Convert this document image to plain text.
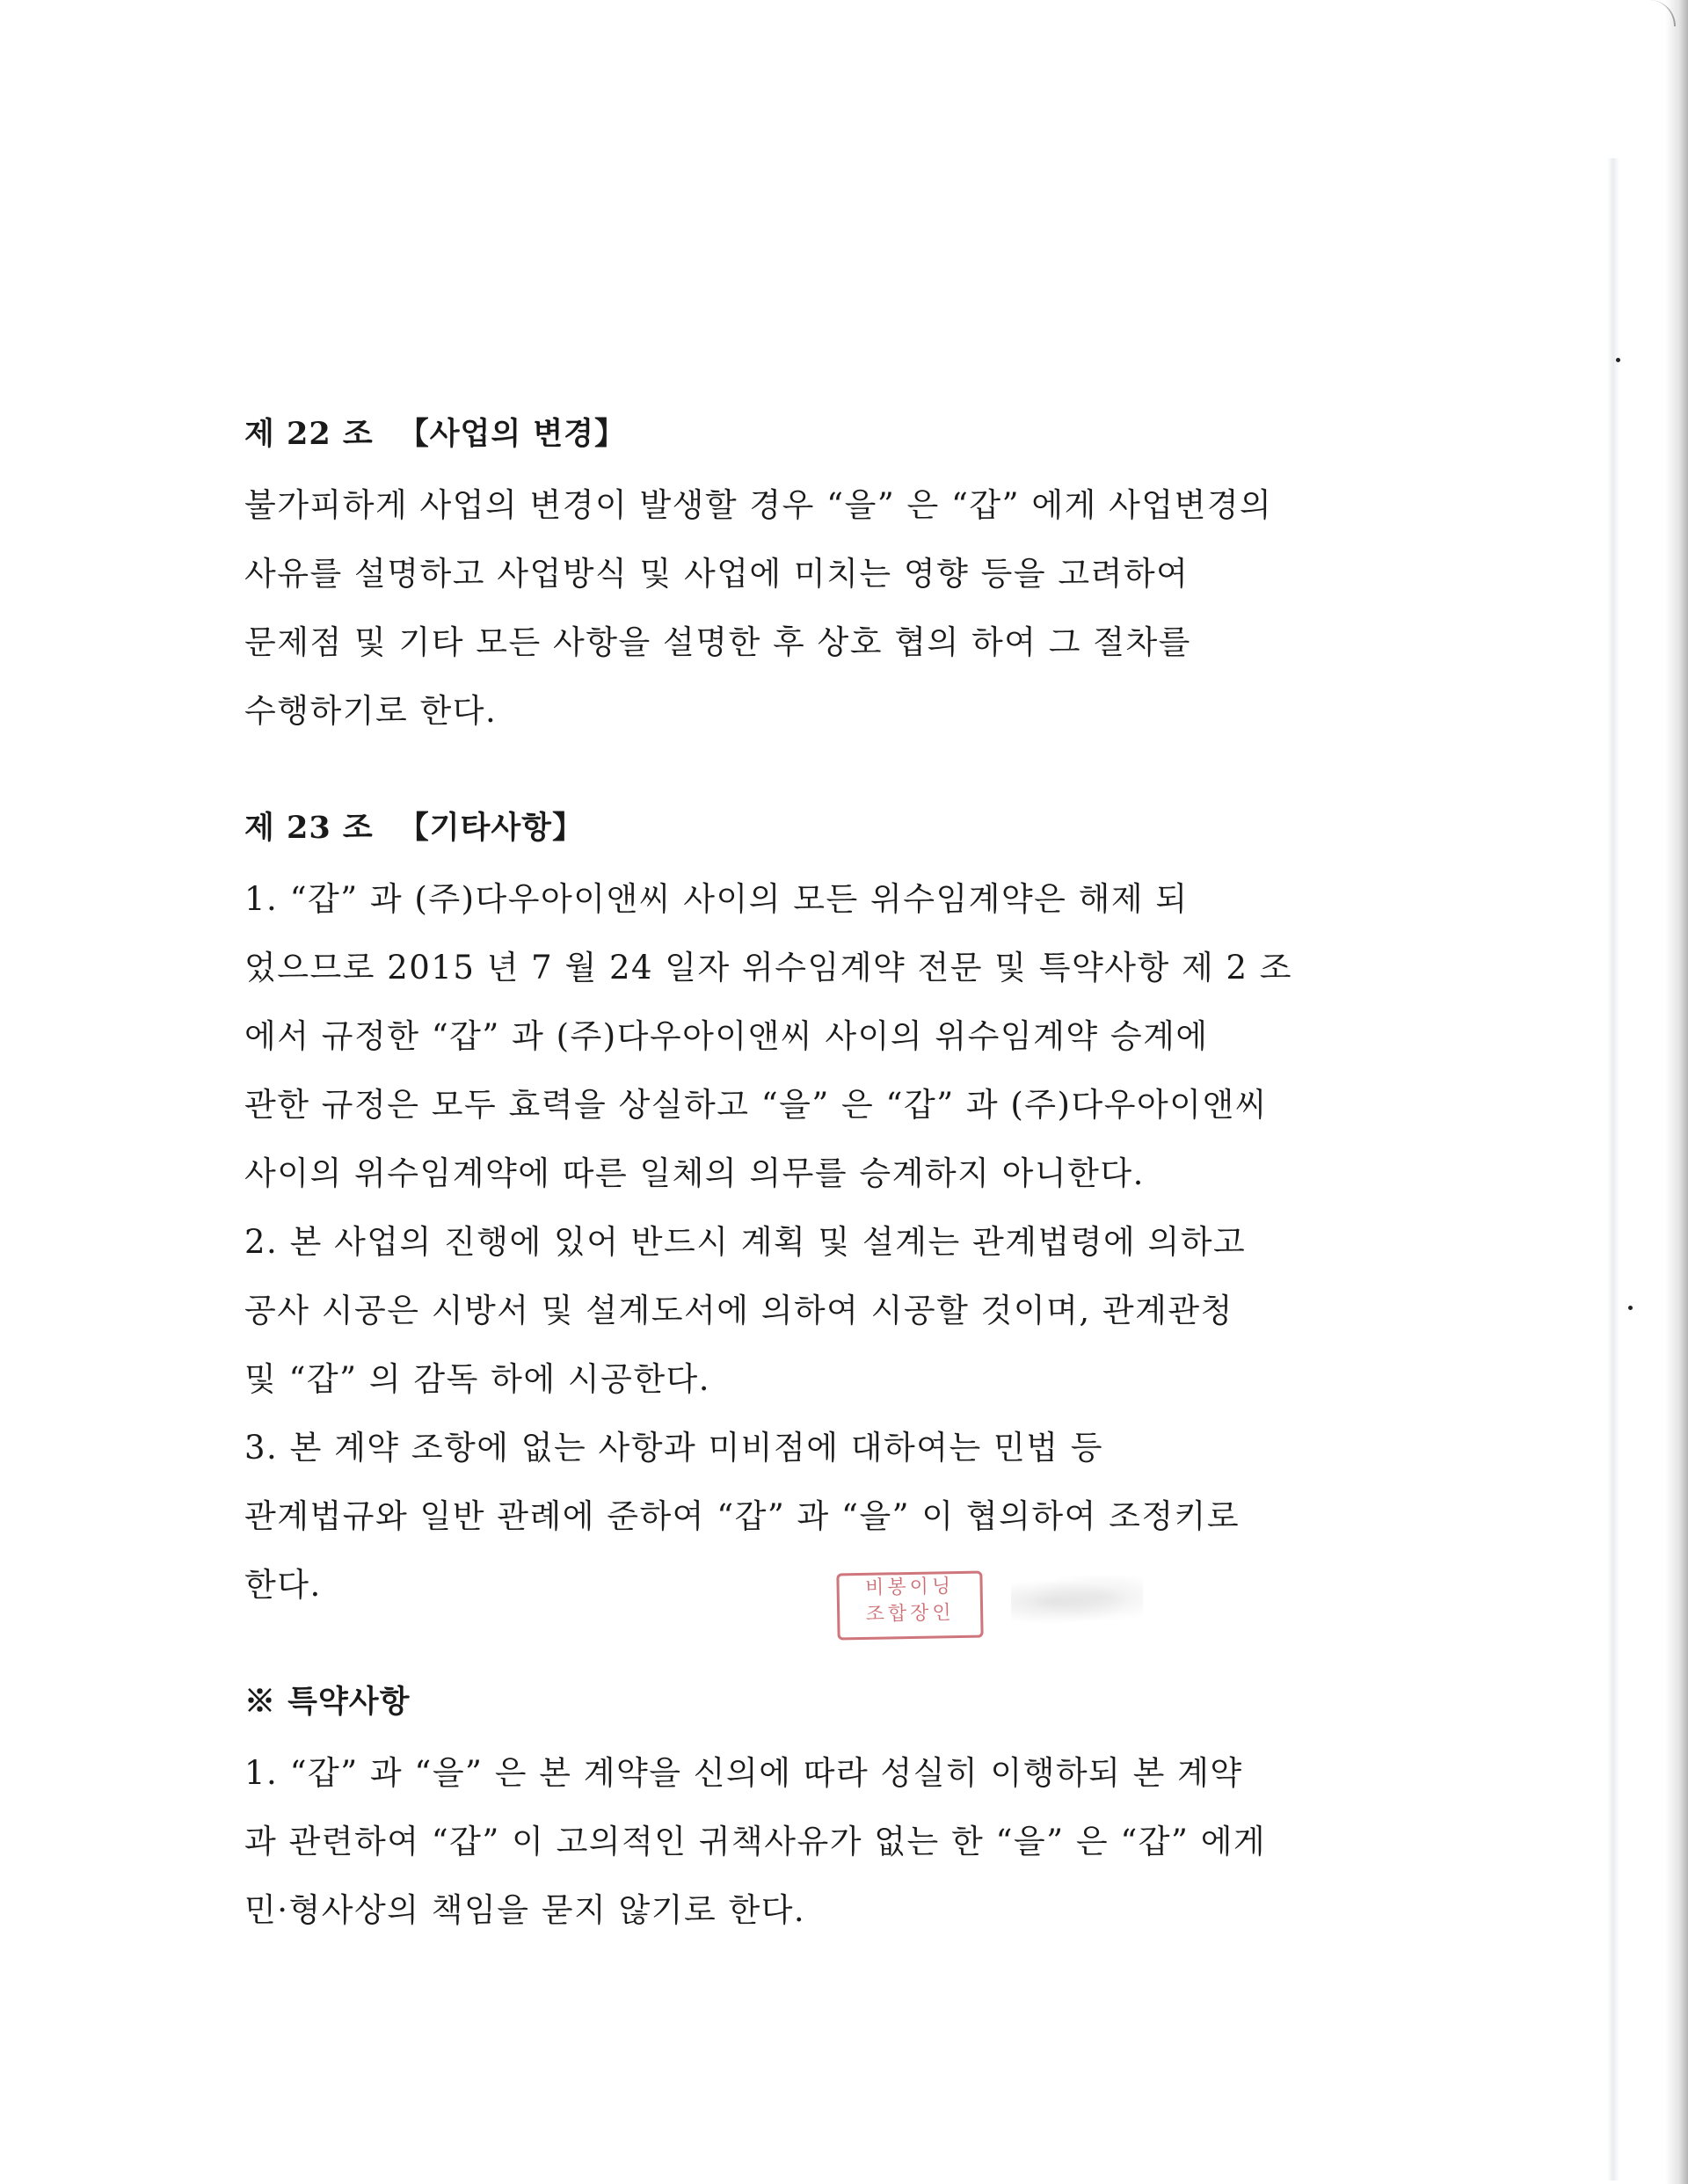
제 22 조 【사업의 변경】

불가피하게 사업의 변경이 발생할 경우 “을” 은 “갑” 에게 사업변경의

사유를 설명하고 사업방식 및 사업에 미치는 영향 등을 고려하여

문제점 및 기타 모든 사항을 설명한 후 상호 협의 하여 그 절차를

수행하기로 한다.

제 23 조 【기타사항】

1. “갑” 과 (주)다우아이앤씨 사이의 모든 위수임계약은 해제 되

었으므로 2015 년 7 월 24 일자 위수임계약 전문 및 특약사항 제 2 조

에서 규정한 “갑” 과 (주)다우아이앤씨 사이의 위수임계약 승계에

관한 규정은 모두 효력을 상실하고 “을” 은 “갑” 과 (주)다우아이앤씨

사이의 위수임계약에 따른 일체의 의무를 승계하지 아니한다.

2. 본 사업의 진행에 있어 반드시 계획 및 설계는 관계법령에 의하고

공사 시공은 시방서 및 설계도서에 의하여 시공할 것이며, 관계관청

및 “갑” 의 감독 하에 시공한다.

3. 본 계약 조항에 없는 사항과 미비점에 대하여는 민법 등

관계법규와 일반 관례에 준하여 “갑” 과 “을” 이 협의하여 조정키로

한다.

※ 특약사항

1. “갑” 과 “을” 은 본 계약을 신의에 따라 성실히 이행하되 본 계약

과 관련하여 “갑” 이 고의적인 귀책사유가 없는 한 “을” 은 “갑” 에게

민·형사상의 책임을 묻지 않기로 한다.

비봉이닝
조합장인
